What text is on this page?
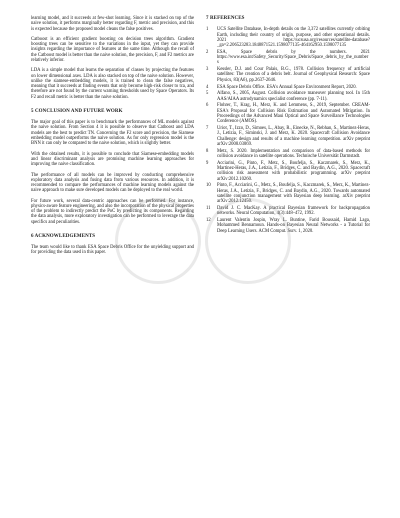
learning model, and it succeeds at few-shot learning. Since it is stacked on top of the naive solution, it performs marginally better regarding F, metric and precision, and this is expected because the proposed model cleans the false positives.

Catboost is an efficient gradient boosting on decision trees algorithm. Gradient boosting trees can be sensitive to the variations in the input, yet they can provide insights regarding the importance of features at the same time. Although the recall of the Catboost model is better than the naive solution, the precision, F, and F2 metrics are relatively inferior.

LDA is a simple model that learns the separation of classes by projecting the features on lower dimensional axes. LDA is also stacked on top of the naive solution. However, unlike the siamese-embedding models, it is trained to clean the false negatives, meaning that it succeeds at finding events that only become high-risk closer to tca, and therefore are not found by the current warning thresholds used by Space Operators. Its F2 and recall metric is better than the naive solution.

5 CONCLUSION AND FUTURE WORK

The major goal of this paper is to benchmark the performances of ML models against the naive solution. From Section 4 it is possible to observe that Catboost and LDA models are the best to predict TN. Concerning the F2 score and precision, the Siamese embedding model outperforms the naive solution. As for only regression model is the BNN it can only be compared to the naive solution, which is slightly better.

With the obtained results, it is possible to conclude that Siamese-embedding models and linear discriminant analysis are promising machine learning approaches for improving the naive classification.

The performance of all models can be improved by conducting comprehensive exploratory data analysis and fusing data from various resources. In addition, it is recommended to compare the performances of machine learning models against the naive approach to make sure developed models can be deployed to the real world.

For future work, several data-centric approaches can be performed. For instance, physics-aware feature engineering, and also the incorporation of the physical properties of the problem to indirectly predict the PoC by predicting its components. Regarding the data analysis, more exploratory investigation can be performed to leverage the data specifics and peculiarities.

6 ACKNOWLEDGEMENTS

The team would like to thank ESA Space Debris Office for the unyielding support and for providing the data used in this paper.

7 REFERENCES
1	UCS Satellite Database, In-depth details on the 3,372 satellites currently orbiting Earth, including their country of origin, purpose, and other operational details. 2021 https://ucsusa.org/resources/satellite-database?_ga=2.206523283.1848871521.1598077135-464162950.1598077135
2	ESA, Space debris by the numbers. 2021 https://www.esa.int/Safety_Security/Space_Debris/Space_debris_by_the_numbers
3	Kessler, D.J. and Cour Palais, B.G., 1978. Collision frequency of artificial satellites: The creation of a debris belt. Journal of Geophysical Research: Space Physics, 83(A6), pp.2637-2646.
4	ESA Space Debris Office. ESA's Annual Space Environment Report, 2020.
5	Alfano, S., 2005, August. Collision avoidance maneuver planning tool. In 15th AAS/AIAA astrodynamics specialist conference (pp. 7-11).
6	Flohrer, T., Krag, H., Merz, K. and Lemmens, S., 2019, September. CREAM-ESA's Proposal for Collision Risk Estimation and Automated Mitigation. In Proceedings of the Advanced Maui Optical and Space Surveillance Technologies Conference (AMOS).
7	Uriot, T., Izzo, D., Simoes, L., Abay, R., Einecke, N., Rebhan, S., Martinez-Heras, J., Letizia, F., Siminski, J. and Merz, K. 2020. Spacecraft Collision Avoidance Challenge: design and results of a machine learning competition. arXiv preprint arXiv:2008.03069.
8	Metz, S. 2020. Implementation and comparison of data-based methods for collision avoidance in satellite operations. Technische Universität Darmstadt.
9	Acciarini, G., Pinto, F., Metz, S., Boufelja, S., Kaczmarek, S., Merz, K., Martinez-Heras, J.A., Letizia, F., Bridges, C. and Baydin, A.G., 2020. Spacecraft collision risk assessment with probabilistic programming. arXiv preprint arXiv:2012.10260.
10	Pinto, F., Acciarini, G., Metz, S., Boufelja, S., Kaczmarek, S., Merz, K., Martinez-Heras, J.A., Letizia, F., Bridges, C. and Baydin, A.G., 2020. Towards automated satellite conjunction management with Bayesian deep learning. arXiv preprint arXiv:2012.12450.
11	David J. C. MacKay. A practical Bayesian framework for backpropagation networks. Neural Computation, 4(3):448–472, 1992.
12	Laurent Valentin Jospin, Wray L. Buntine, Farid Boussaid, Hamid Laga, Mohammed Bennamoun. Hands-on Bayesian Neural Networks - a Tutorial for Deep Learning Users. ACM Comput. Surv. 1, 2020.
